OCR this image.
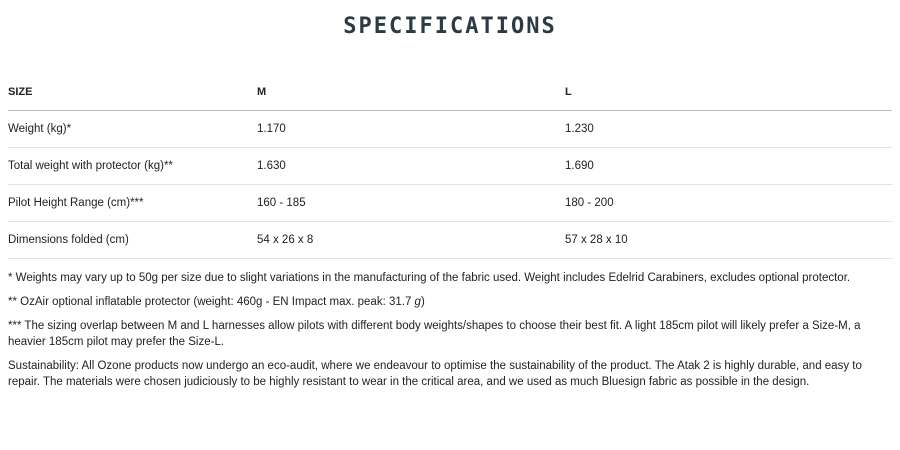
SPECIFICATIONS
SIZE	M	L
Weight (kg)*	1.170	1.230
Total weight with protector (kg)**	1.630	1.690
Pilot Height Range (cm)***	160 - 185	180 - 200
Dimensions folded (cm)	54 x 26 x 8	57 x 28 x 10

* Weights may vary up to 50g per size due to slight variations in the manufacturing of the fabric used. Weight includes Edelrid Carabiners, excludes optional protector.

** OzAir optional inflatable protector (weight: 460g - EN Impact max. peak: 31.7 g)

*** The sizing overlap between M and L harnesses allow pilots with different body weights/shapes to choose their best fit. A light 185cm pilot will likely prefer a Size-M, a heavier 185cm pilot may prefer the Size-L.

Sustainability: All Ozone products now undergo an eco-audit, where we endeavour to optimise the sustainability of the product. The Atak 2 is highly durable, and easy to repair. The materials were chosen judiciously to be highly resistant to wear in the critical area, and we used as much Bluesign fabric as possible in the design.
